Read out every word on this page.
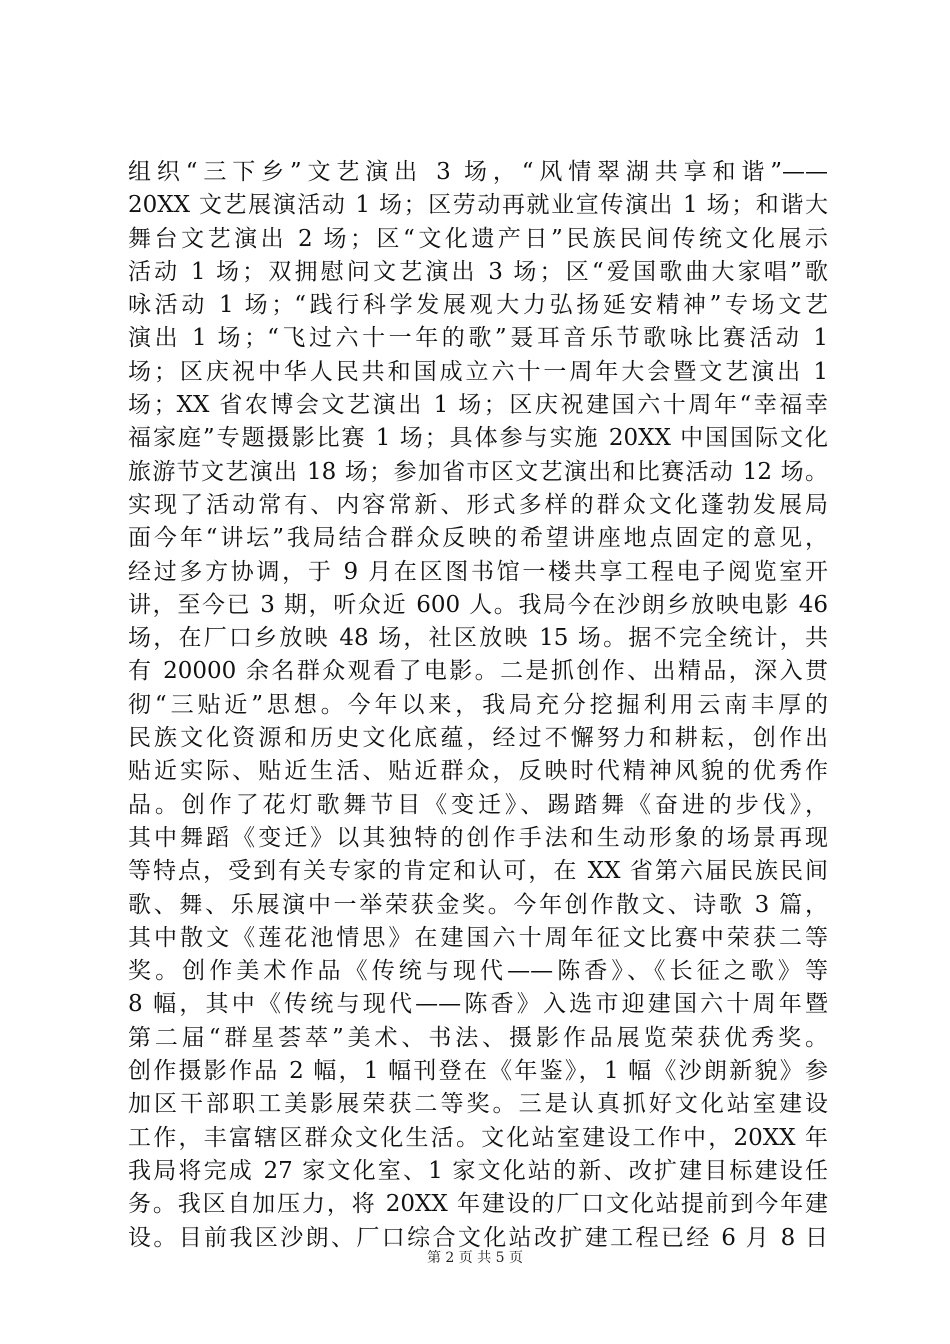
组织“三下乡”文艺演出 3 场，“风情翠湖共享和谐”——
20XX 文艺展演活动 1 场；区劳动再就业宣传演出 1 场；和谐大
舞台文艺演出 2 场；区“文化遗产日”民族民间传统文化展示
活动 1 场；双拥慰问文艺演出 3 场；区“爱国歌曲大家唱”歌
咏活动 1 场；“践行科学发展观大力弘扬延安精神”专场文艺
演出 1 场；“飞过六十一年的歌”聂耳音乐节歌咏比赛活动 1
场；区庆祝中华人民共和国成立六十一周年大会暨文艺演出 1
场；XX 省农博会文艺演出 1 场；区庆祝建国六十周年“幸福幸
福家庭”专题摄影比赛 1 场；具体参与实施 20XX 中国国际文化
旅游节文艺演出 18 场；参加省市区文艺演出和比赛活动 12 场。
实现了活动常有、内容常新、形式多样的群众文化蓬勃发展局
面今年“讲坛”我局结合群众反映的希望讲座地点固定的意见，
经过多方协调，于 9 月在区图书馆一楼共享工程电子阅览室开
讲，至今已 3 期，听众近 600 人。我局今在沙朗乡放映电影 46
场，在厂口乡放映 48 场，社区放映 15 场。据不完全统计，共
有 20000 余名群众观看了电影。二是抓创作、出精品，深入贯
彻“三贴近”思想。今年以来，我局充分挖掘利用云南丰厚的
民族文化资源和历史文化底蕴，经过不懈努力和耕耘，创作出
贴近实际、贴近生活、贴近群众，反映时代精神风貌的优秀作
品。创作了花灯歌舞节目《变迁》、踢踏舞《奋进的步伐》，
其中舞蹈《变迁》以其独特的创作手法和生动形象的场景再现
等特点，受到有关专家的肯定和认可，在 XX 省第六届民族民间
歌、舞、乐展演中一举荣获金奖。今年创作散文、诗歌 3 篇，
其中散文《莲花池情思》在建国六十周年征文比赛中荣获二等
奖。创作美术作品《传统与现代——陈香》、《长征之歌》等
8 幅，其中《传统与现代——陈香》入选市迎建国六十周年暨
第二届“群星荟萃”美术、书法、摄影作品展览荣获优秀奖。
创作摄影作品 2 幅，1 幅刊登在《年鉴》，1 幅《沙朗新貌》参
加区干部职工美影展荣获二等奖。三是认真抓好文化站室建设
工作，丰富辖区群众文化生活。文化站室建设工作中，20XX 年
我局将完成 27 家文化室、1 家文化站的新、改扩建目标建设任
务。我区自加压力，将 20XX 年建设的厂口文化站提前到今年建
设。目前我区沙朗、厂口综合文化站改扩建工程已经 6 月 8 日
第 2 页 共 5 页
